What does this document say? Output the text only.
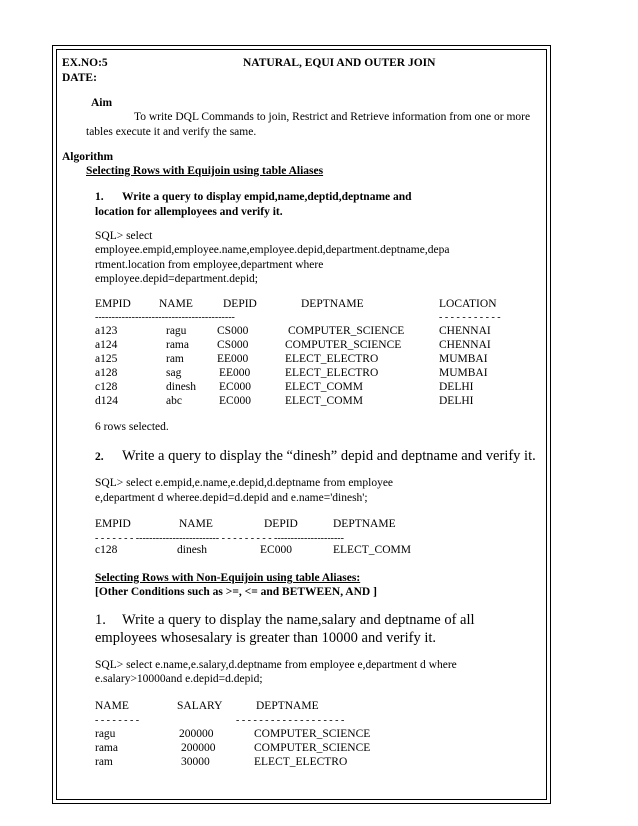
EX.NO:5	NATURAL, EQUI AND OUTER JOIN
DATE:
Aim
To write DQL Commands to join, Restrict and Retrieve information from one or more
tables execute it and verify the same.
Algorithm
Selecting Rows with Equijoin using table Aliases
1. Write a query to display empid,name,deptid,deptname and
location for allemployees and verify it.
SQL> select
employee.empid,employee.name,employee.depid,department.deptname,depa
rtment.location from employee,department where
employee.depid=department.depid;
EMPID NAME	DEPID	DEPTNAME	LOCATION
------------------------------------------	- - - - - - - - - - -
a123	ragu	CS000	COMPUTER_SCIENCE	CHENNAI
a124	rama CS000	COMPUTER_SCIENCE	CHENNAI
a125	ram	EE000	ELECT_ELECTRO	MUMBAI
a128	sag	EE000	ELECT_ELECTRO	MUMBAI
c128	dinesh EC000	ELECT_COMM	DELHI
d124	abc	EC000	ELECT_COMM	DELHI
6 rows selected.
2. Write a query to display the “dinesh” depid and deptname and verify it.
SQL> select e.empid,e.name,e.depid,d.deptname from employee
e,department d wheree.depid=d.depid and e.name='dinesh';
EMPID	NAME	DEPID	DEPTNAME
- - - - - - - ------------------------- - - - - - - - - - ---------------------
c128	dinesh	EC000	ELECT_COMM
Selecting Rows with Non-Equijoin using table Aliases:
[Other Conditions such as >=, <= and BETWEEN, AND ]
1. Write a query to display the name,salary and deptname of all
employees whosesalary is greater than 10000 and verify it.
SQL> select e.name,e.salary,d.deptname from employee e,department d where
e.salary>10000and e.depid=d.depid;
NAME	SALARY	DEPTNAME
- - - - - - - -	- - - - - - - - - - - - - - - - - - -
ragu	200000	COMPUTER_SCIENCE
rama	200000	COMPUTER_SCIENCE
ram	30000	ELECT_ELECTRO
